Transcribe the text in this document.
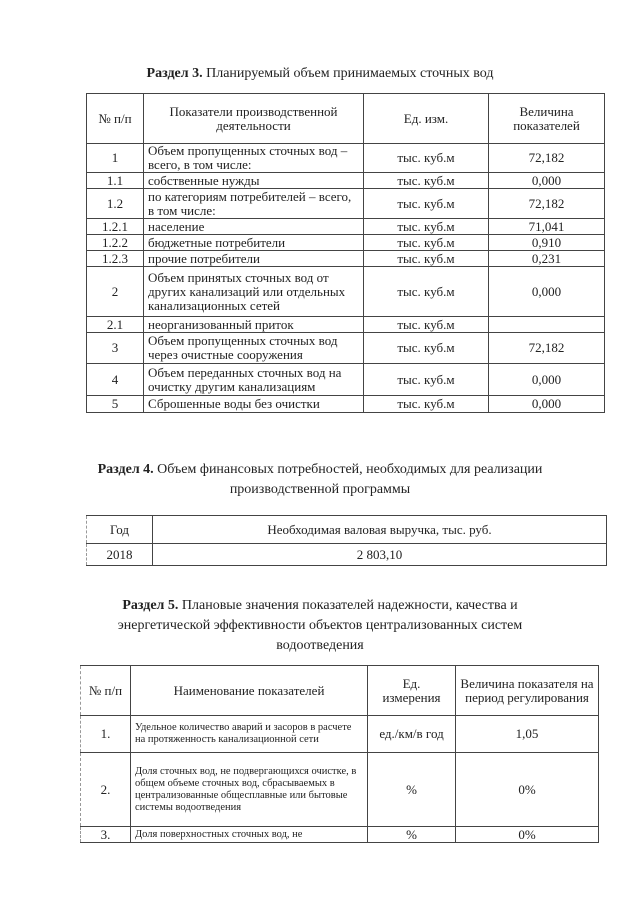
Раздел 3. Планируемый объем принимаемых сточных вод
№ п/п	Показатели производственной деятельности	Ед. изм.	Величина показателей
1	Объем пропущенных сточных вод – всего, в том числе:	тыс. куб.м	72,182
1.1	собственные нужды	тыс. куб.м	0,000
1.2	по категориям потребителей – всего, в том числе:	тыс. куб.м	72,182
1.2.1	население	тыс. куб.м	71,041
1.2.2	бюджетные потребители	тыс. куб.м	0,910
1.2.3	прочие потребители	тыс. куб.м	0,231
2	Объем принятых сточных вод от других канализаций или отдельных канализационных сетей	тыс. куб.м	0,000
2.1	неорганизованный приток	тыс. куб.м	
3	Объем пропущенных сточных вод через очистные сооружения	тыс. куб.м	72,182
4	Объем переданных сточных вод на очистку другим канализациям	тыс. куб.м	0,000
5	Сброшенные воды без очистки	тыс. куб.м	0,000
Раздел 4. Объем финансовых потребностей, необходимых для реализации
производственной программы
Год	Необходимая валовая выручка, тыс. руб.
2018	2 803,10
Раздел 5. Плановые значения показателей надежности, качества и
энергетической эффективности объектов централизованных систем
водоотведения
№ п/п	Наименование показателей	Ед. измерения	Величина показателя на период регулирования
1.	Удельное количество аварий и засоров в расчете на протяженность канализационной сети	ед./км/в год	1,05
2.	Доля сточных вод, не подвергающихся очистке, в общем объеме сточных вод, сбрасываемых в централизованные общесплавные или бытовые системы водоотведения	%	0%
3.	Доля поверхностных сточных вод, не	%	0%
